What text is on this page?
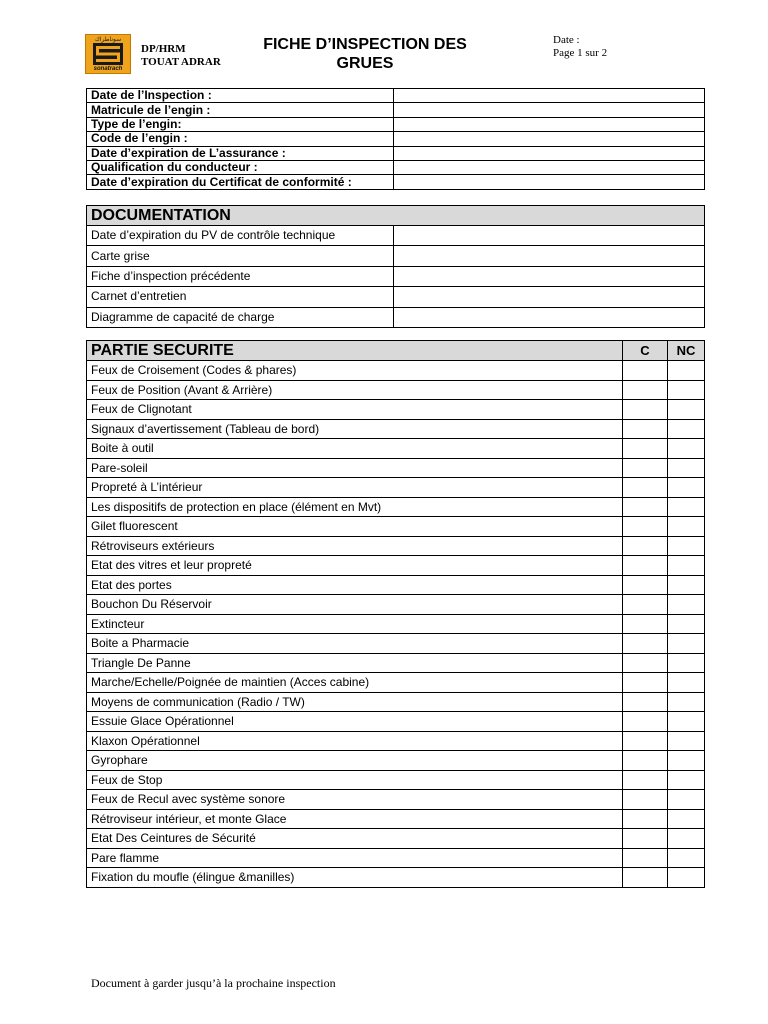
سوناطراك
sonatrach
DP/HRM
TOUAT ADRAR
FICHE D’INSPECTION DES
GRUES
Date :
Page 1 sur 2
Date de l’Inspection :	
Matricule de l’engin :	
Type de l’engin:	
Code de l’engin :	
Date d’expiration de L’assurance :	
Qualification du conducteur :	
Date d’expiration du Certificat de conformité :	
DOCUMENTATION	
Date d’expiration du PV de contrôle technique	
Carte grise	
Fiche d’inspection précédente	
Carnet d’entretien	
Diagramme de capacité de charge	
PARTIE SECURITE	C	NC
Feux de Croisement (Codes & phares)		
Feux de Position (Avant & Arrière)		
Feux de Clignotant		
Signaux d’avertissement (Tableau de bord)		
Boite à outil		
Pare-soleil		
Propreté à L’intérieur		
Les dispositifs de protection en place (élément en Mvt)		
Gilet fluorescent		
Rétroviseurs extérieurs		
Etat des vitres et leur propreté		
Etat des portes		
Bouchon Du Réservoir		
Extincteur		
Boite a Pharmacie		
Triangle De Panne		
Marche/Echelle/Poignée de maintien (Acces cabine)		
Moyens de communication (Radio / TW)		
Essuie Glace Opérationnel		
Klaxon Opérationnel		
Gyrophare		
Feux de Stop		
Feux de Recul avec système sonore		
Rétroviseur intérieur, et monte Glace		
Etat Des Ceintures de Sécurité		
Pare flamme		
Fixation du moufle (élingue &manilles)		
Document à garder jusqu’à la prochaine inspection
